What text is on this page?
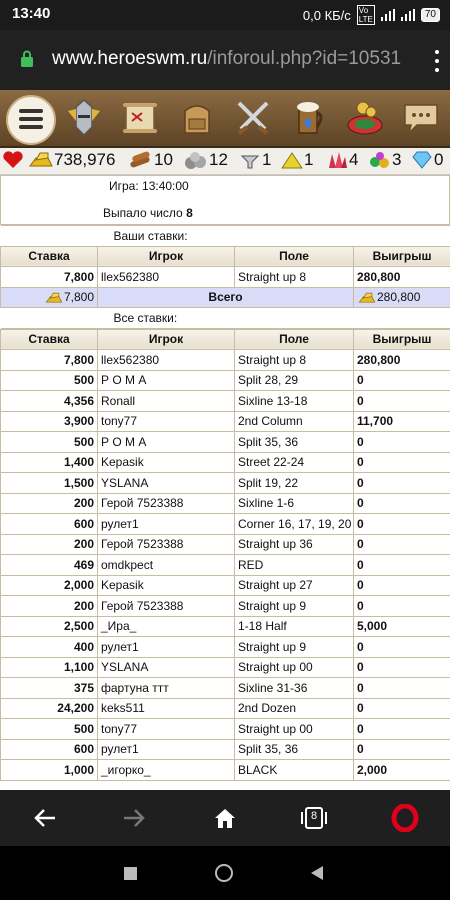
13:40	0,0 КБ/с Vo
LTE	70
www.heroeswm.ru/inforoul.php?id=10531
738,976 10 12 1 1 4 3 0
Игра: 13:40:00
Выпало число 8
Ваши ставки:			
Ставка	Игрок	Поле	Выигрыш
7,800	llex562380	Straight up 8	280,800
7,800	Всего		280,800
Все ставки:			
Ставка	Игрок	Поле	Выигрыш
7,800	llex562380	Straight up 8	280,800
500	Р О М А	Split 28, 29	0
4,356	Ronall	Sixline 13-18	0
3,900	tony77	2nd Column	11,700
500	Р О М А	Split 35, 36	0
1,400	Kepasik	Street 22-24	0
1,500	YSLANA	Split 19, 22	0
200	Герой 7523388	Sixline 1-6	0
600	рулет1	Corner 16, 17, 19, 20	0
200	Герой 7523388	Straight up 36	0
469	omdkpect	RED	0
2,000	Kepasik	Straight up 27	0
200	Герой 7523388	Straight up 9	0
2,500	_Ира_	1-18 Half	5,000
400	рулет1	Straight up 9	0
1,100	YSLANA	Straight up 00	0
375	фартуна ттт	Sixline 31-36	0
24,200	keks511	2nd Dozen	0
500	tony77	Straight up 00	0
600	рулет1	Split 35, 36	0
1,000	_игорко_	BLACK	2,000
8
